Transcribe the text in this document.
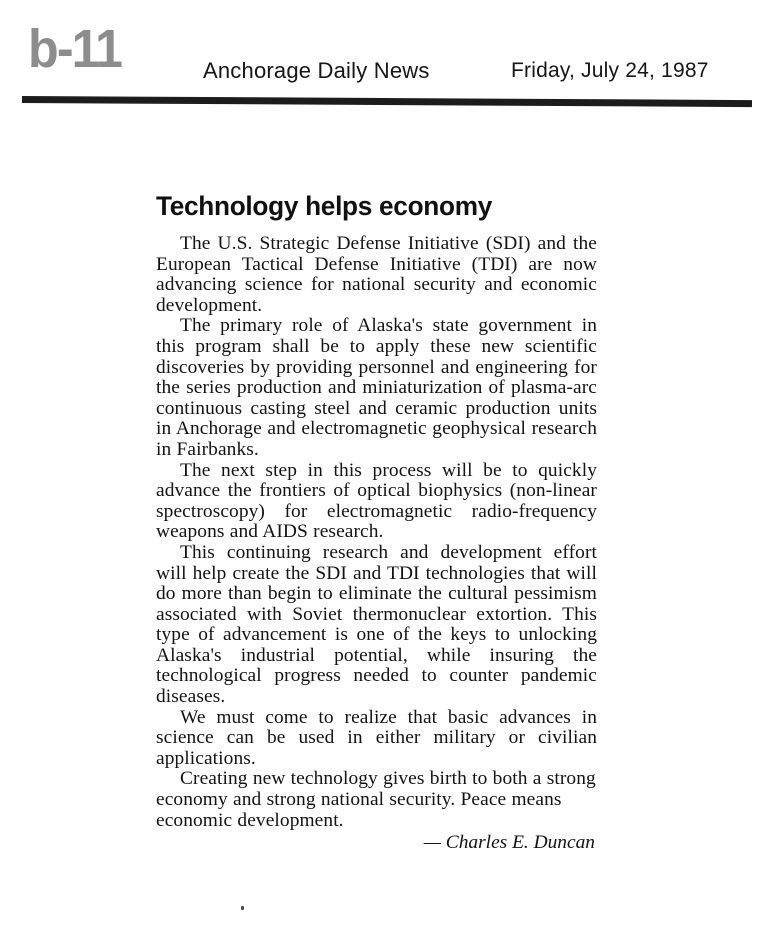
b-11	Anchorage Daily News	Friday, July 24, 1987
Technology helps economy

The U.S. Strategic Defense Initiative (SDI) and the European Tactical Defense Initiative (TDI) are now advancing science for national security and economic development.

The primary role of Alaska's state government in this program shall be to apply these new scientific discoveries by providing personnel and engineering for the series production and miniaturization of plasma-arc continuous casting steel and ceramic production units in Anchorage and electromagnetic geophysical research in Fairbanks.

The next step in this process will be to quickly advance the frontiers of optical biophysics (non-linear spectroscopy) for electromagnetic radio-frequency weapons and AIDS research.

This continuing research and development effort will help create the SDI and TDI technologies that will do more than begin to eliminate the cultural pessimism associated with Soviet thermonuclear extortion. This type of advancement is one of the keys to unlocking Alaska's industrial potential, while insuring the technological progress needed to counter pandemic diseases.

We must come to realize that basic advances in science can be used in either military or civilian applications.

Creating new technology gives birth to both a strong economy and strong national security. Peace means economic development.

— Charles E. Duncan
